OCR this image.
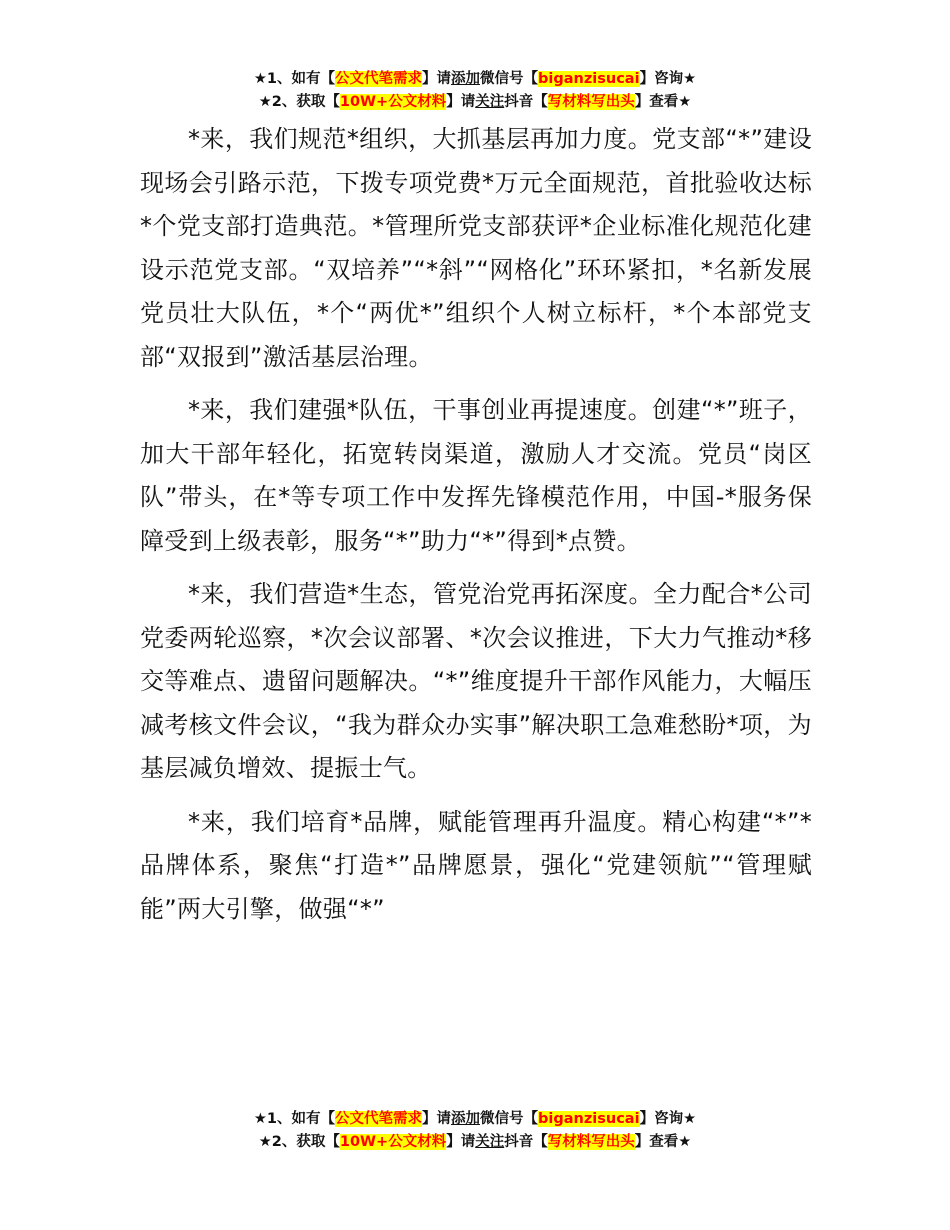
★1、如有【公文代笔需求】请添加微信号【biganzisucai】咨询★
★2、获取【10W+公文材料】请关注抖音【写材料写出头】查看★

*来，我们规范*组织，大抓基层再加力度。党支部“*”建设现场会引路示范，下拨专项党费*万元全面规范，首批验收达标*个党支部打造典范。*管理所党支部获评*企业标准化规范化建设示范党支部。“双培养”“*斜”“网格化”环环紧扣，*名新发展党员壮大队伍，*个“两优*”组织个人树立标杆，*个本部党支部“双报到”激活基层治理。

*来，我们建强*队伍，干事创业再提速度。创建“*”班子，加大干部年轻化，拓宽转岗渠道，激励人才交流。党员“岗区队”带头，在*等专项工作中发挥先锋模范作用，中国-*服务保障受到上级表彰，服务“*”助力“*”得到*点赞。

*来，我们营造*生态，管党治党再拓深度。全力配合*公司党委两轮巡察，*次会议部署、*次会议推进，下大力气推动*移交等难点、遗留问题解决。“*”维度提升干部作风能力，大幅压减考核文件会议，“我为群众办实事”解决职工急难愁盼*项，为基层减负增效、提振士气。

*来，我们培育*品牌，赋能管理再升温度。精心构建“*”*品牌体系，聚焦“打造*”品牌愿景，强化“党建领航”“管理赋能”两大引擎，做强“*”

★1、如有【公文代笔需求】请添加微信号【biganzisucai】咨询★
★2、获取【10W+公文材料】请关注抖音【写材料写出头】查看★
